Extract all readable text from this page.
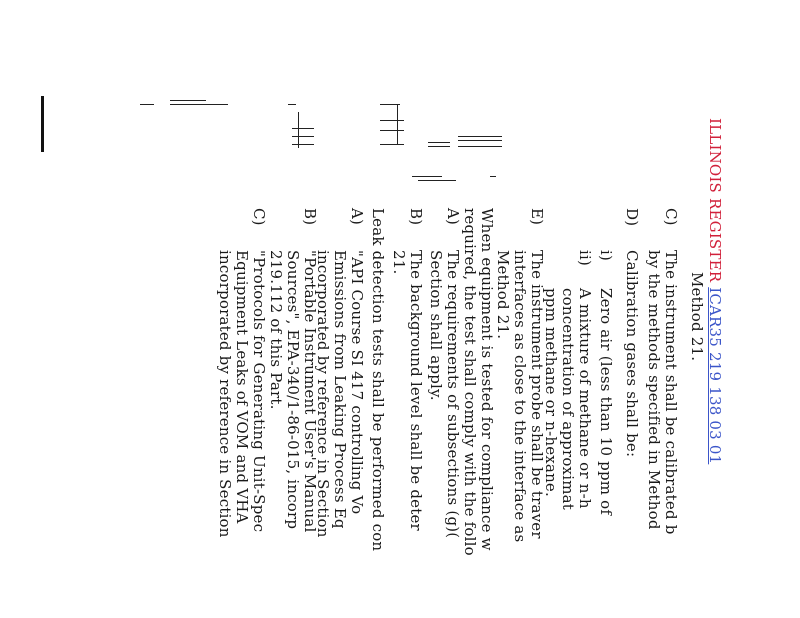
ILLINOIS REGISTER ICAR35 219 138 03 01
Method 21.
C)
The instrument shall be calibrated b
by the methods specified in Method
D)
Calibration gases shall be:
i)
Zero air (less than 10 ppm of
ii)
A mixture of methane or n-h
concentration of approximat
ppm methane or n-hexane.
E)
The instrument probe shall be traver
interfaces as close to the interface as
Method 21.
When equipment is tested for compliance w
required, the test shall comply with the follo
A)
The requirements of subsections (g)(
Section shall apply.
B)
The background level shall be deter
21.
Leak detection tests shall be performed con
A)
"API Course SI 417 controlling Vo
Emissions from Leaking Process Eq
incorporated by reference in Section
B)
"Portable Instrument User's Manual
Sources", EPA-340/1-86-015, incorp
219.112 of this Part.
C)
"Protocols for Generating Unit-Spec
Equipment Leaks of VOM and VHA
incorporated by reference in Section
